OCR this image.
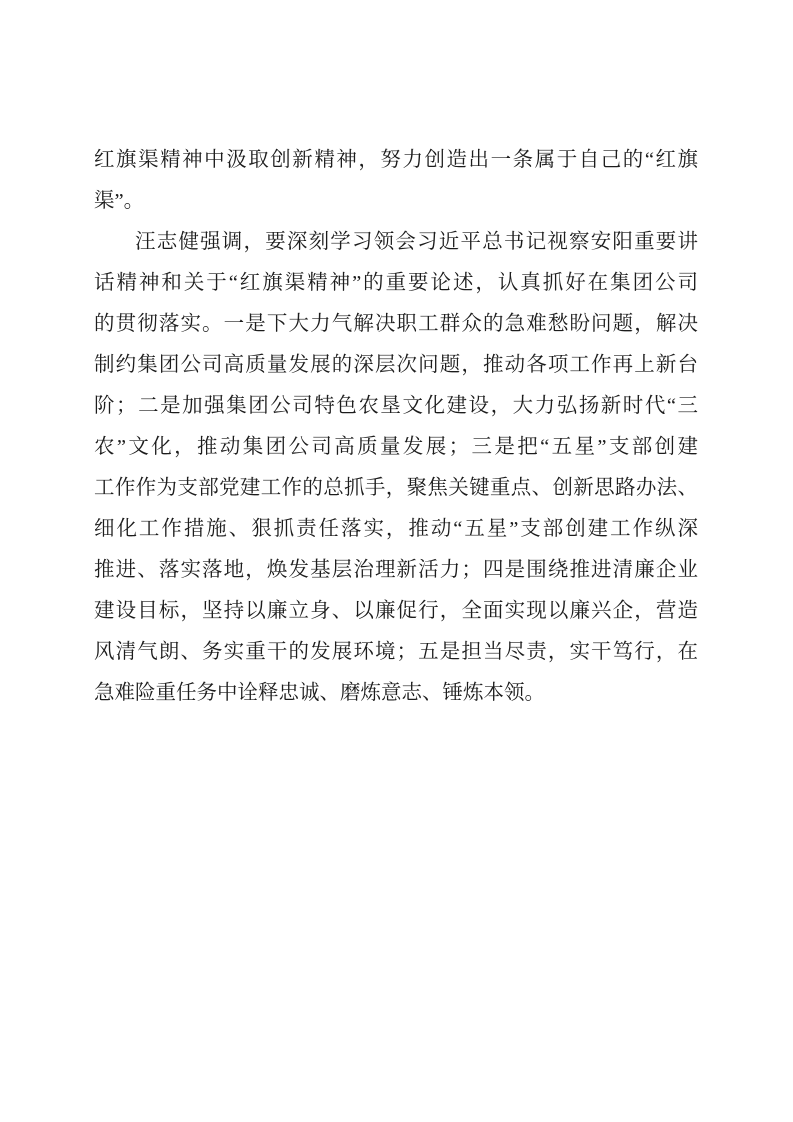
红旗渠精神中汲取创新精神，努力创造出一条属于自己的“红旗

渠”。

汪志健强调，要深刻学习领会习近平总书记视察安阳重要讲

话精神和关于“红旗渠精神”的重要论述，认真抓好在集团公司

的贯彻落实。一是下大力气解决职工群众的急难愁盼问题，解决

制约集团公司高质量发展的深层次问题，推动各项工作再上新台

阶；二是加强集团公司特色农垦文化建设，大力弘扬新时代“三

农”文化，推动集团公司高质量发展；三是把“五星”支部创建

工作作为支部党建工作的总抓手，聚焦关键重点、创新思路办法、

细化工作措施、狠抓责任落实，推动“五星”支部创建工作纵深

推进、落实落地，焕发基层治理新活力；四是围绕推进清廉企业

建设目标，坚持以廉立身、以廉促行，全面实现以廉兴企，营造

风清气朗、务实重干的发展环境；五是担当尽责，实干笃行，在

急难险重任务中诠释忠诚、磨炼意志、锤炼本领。
